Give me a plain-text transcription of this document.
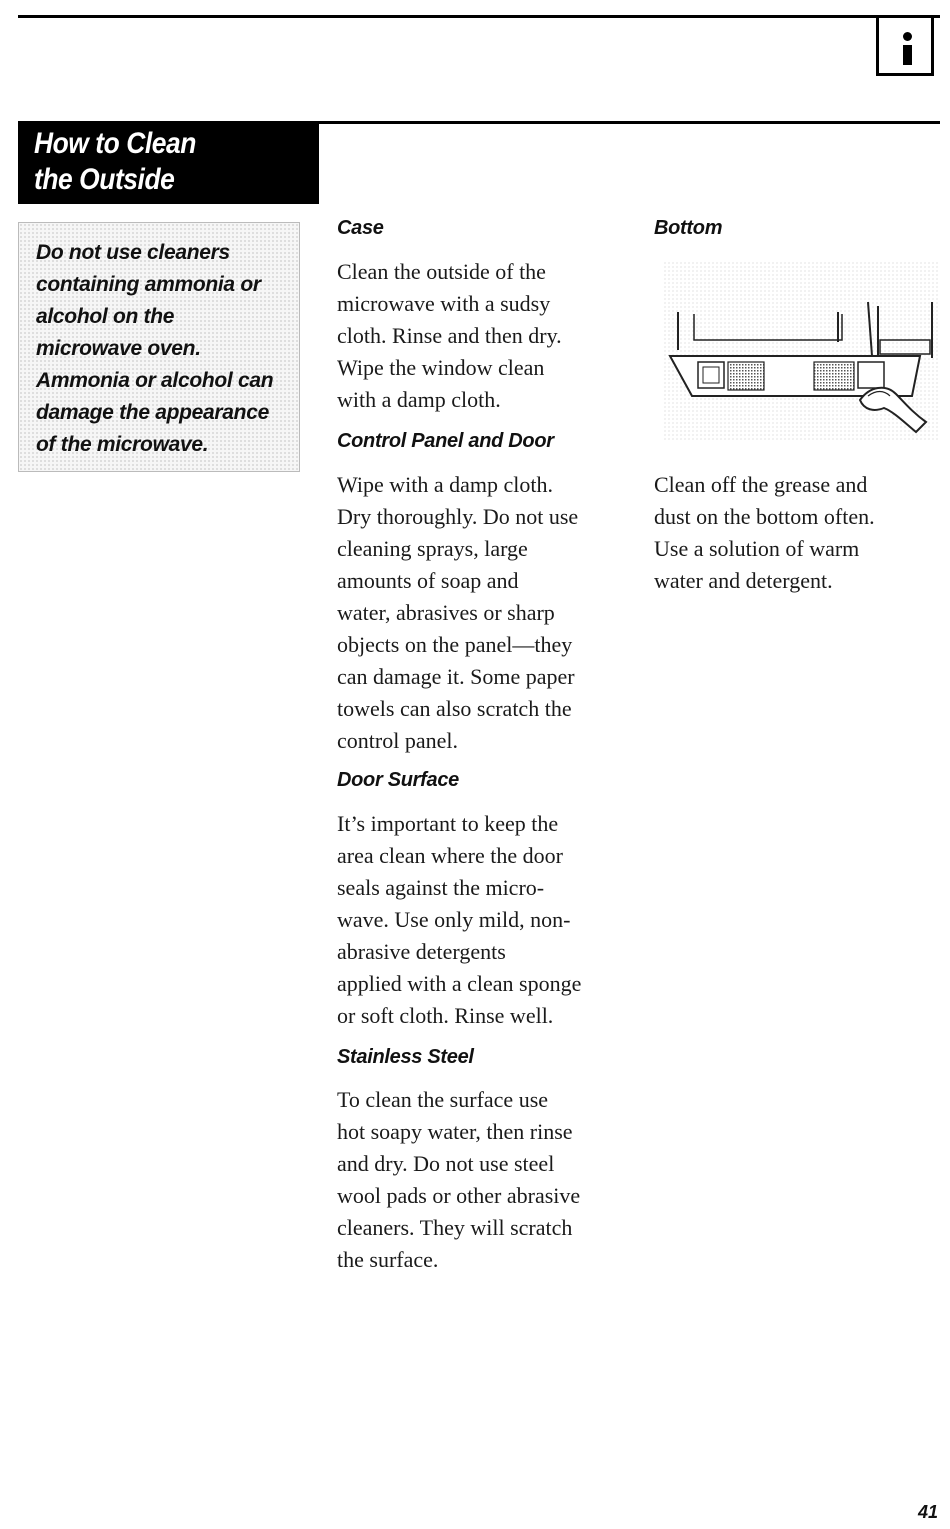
How to Clean
the Outside

Do not use cleaners

containing ammonia or

alcohol on the

microwave oven.

Ammonia or alcohol can

damage the appearance

of the microwave.

Case
Clean the outside of the
microwave with a sudsy
cloth. Rinse and then dry.
Wipe the window clean
with a damp cloth.
Control Panel and Door
Wipe with a damp cloth.
Dry thoroughly. Do not use
cleaning sprays, large
amounts of soap and
water, abrasives or sharp
objects on the panel—they
can damage it. Some paper
towels can also scratch the
control panel.
Door Surface
It’s important to keep the
area clean where the door
seals against the micro-
wave. Use only mild, non-
abrasive detergents
applied with a clean sponge
or soft cloth. Rinse well.
Stainless Steel
To clean the surface use
hot soapy water, then rinse
and dry. Do not use steel
wool pads or other abrasive
cleaners. They will scratch
the surface.
Bottom
Clean off the grease and
dust on the bottom often.
Use a solution of warm
water and detergent.
41
